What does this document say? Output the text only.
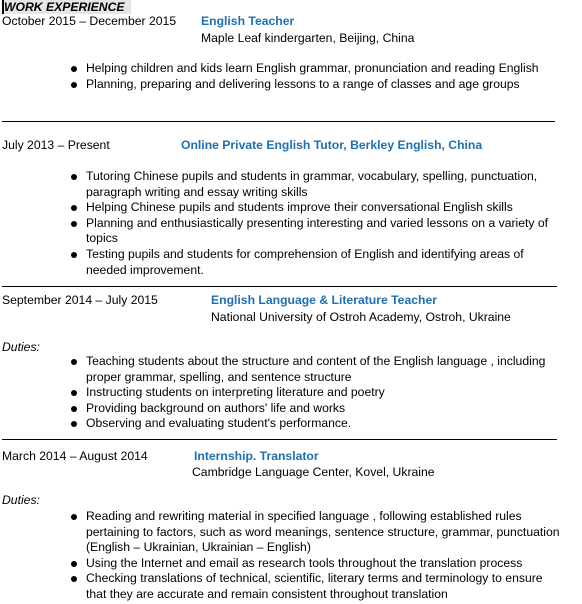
WORK EXPERIENCE
October 2015 – December 2015 English Teacher
Maple Leaf kindergarten, Beijing, China
Helping children and kids learn English grammar, pronunciation and reading English
Planning, preparing and delivering lessons to a range of classes and age groups
July 2013 – Present	Online Private English Tutor, Berkley English, China
Tutoring Chinese pupils and students in grammar, vocabulary, spelling, punctuation, paragraph writing and essay writing skills
Helping Chinese pupils and students improve their conversational English skills
Planning and enthusiastically presenting interesting and varied lessons on a variety of topics
Testing pupils and students for comprehension of English and identifying areas of needed improvement.
September 2014 – July 2015	English Language & Literature Teacher
National University of Ostroh Academy, Ostroh, Ukraine
Duties:
Teaching students about the structure and content of the English language , including proper grammar, spelling, and sentence structure
Instructing students on interpreting literature and poetry
Providing background on authors' life and works
Observing and evaluating student's performance.
March 2014 – August 2014	Internship. Translator
Cambridge Language Center, Kovel, Ukraine
Duties:
Reading and rewriting material in specified language , following established rules pertaining to factors, such as word meanings, sentence structure, grammar, punctuation (English – Ukrainian, Ukrainian – English)
Using the Internet and email as research tools throughout the translation process
Checking translations of technical, scientific, literary terms and terminology to ensure that they are accurate and remain consistent throughout translation
